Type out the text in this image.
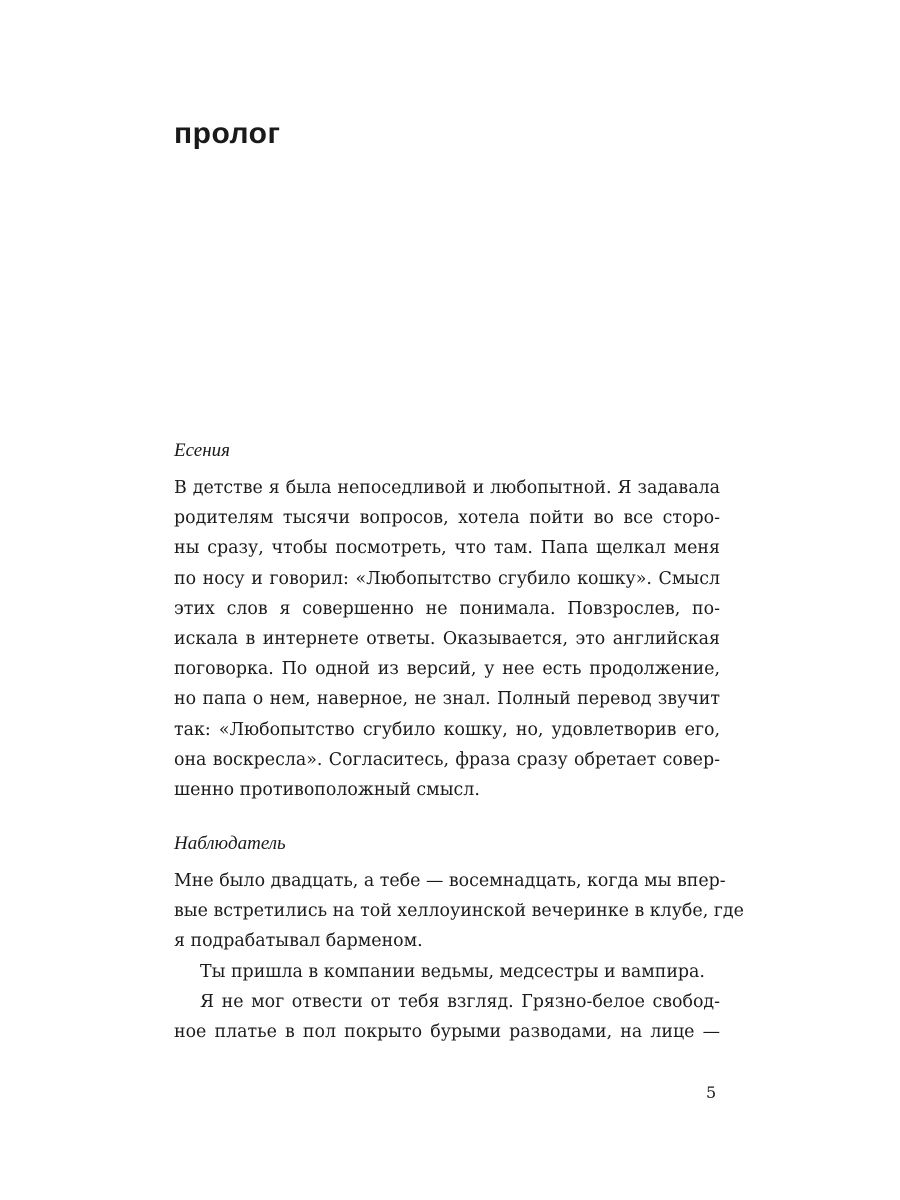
пролог
Есения
В детстве я была непоседливой и любопытной. Я задавала
родителям тысячи вопросов, хотела пойти во все сторо-
ны сразу, чтобы посмотреть, что там. Папа щелкал меня
по носу и говорил: «Любопытство сгубило кошку». Смысл
этих слов я совершенно не понимала. Повзрослев, по-
искала в интернете ответы. Оказывается, это английская
поговорка. По одной из версий, у нее есть продолжение,
но папа о нем, наверное, не знал. Полный перевод звучит
так: «Любопытство сгубило кошку, но, удовлетворив его,
она воскресла». Согласитесь, фраза сразу обретает совер-
шенно противоположный смысл.
Наблюдатель
Мне было двадцать, а тебе — восемнадцать, когда мы впер-
вые встретились на той хеллоуинской вечеринке в клубе, где
я подрабатывал барменом.
Ты пришла в компании ведьмы, медсестры и вампира.
Я не мог отвести от тебя взгляд. Грязно-белое свобод-
ное платье в пол покрыто бурыми разводами, на лице —
5
